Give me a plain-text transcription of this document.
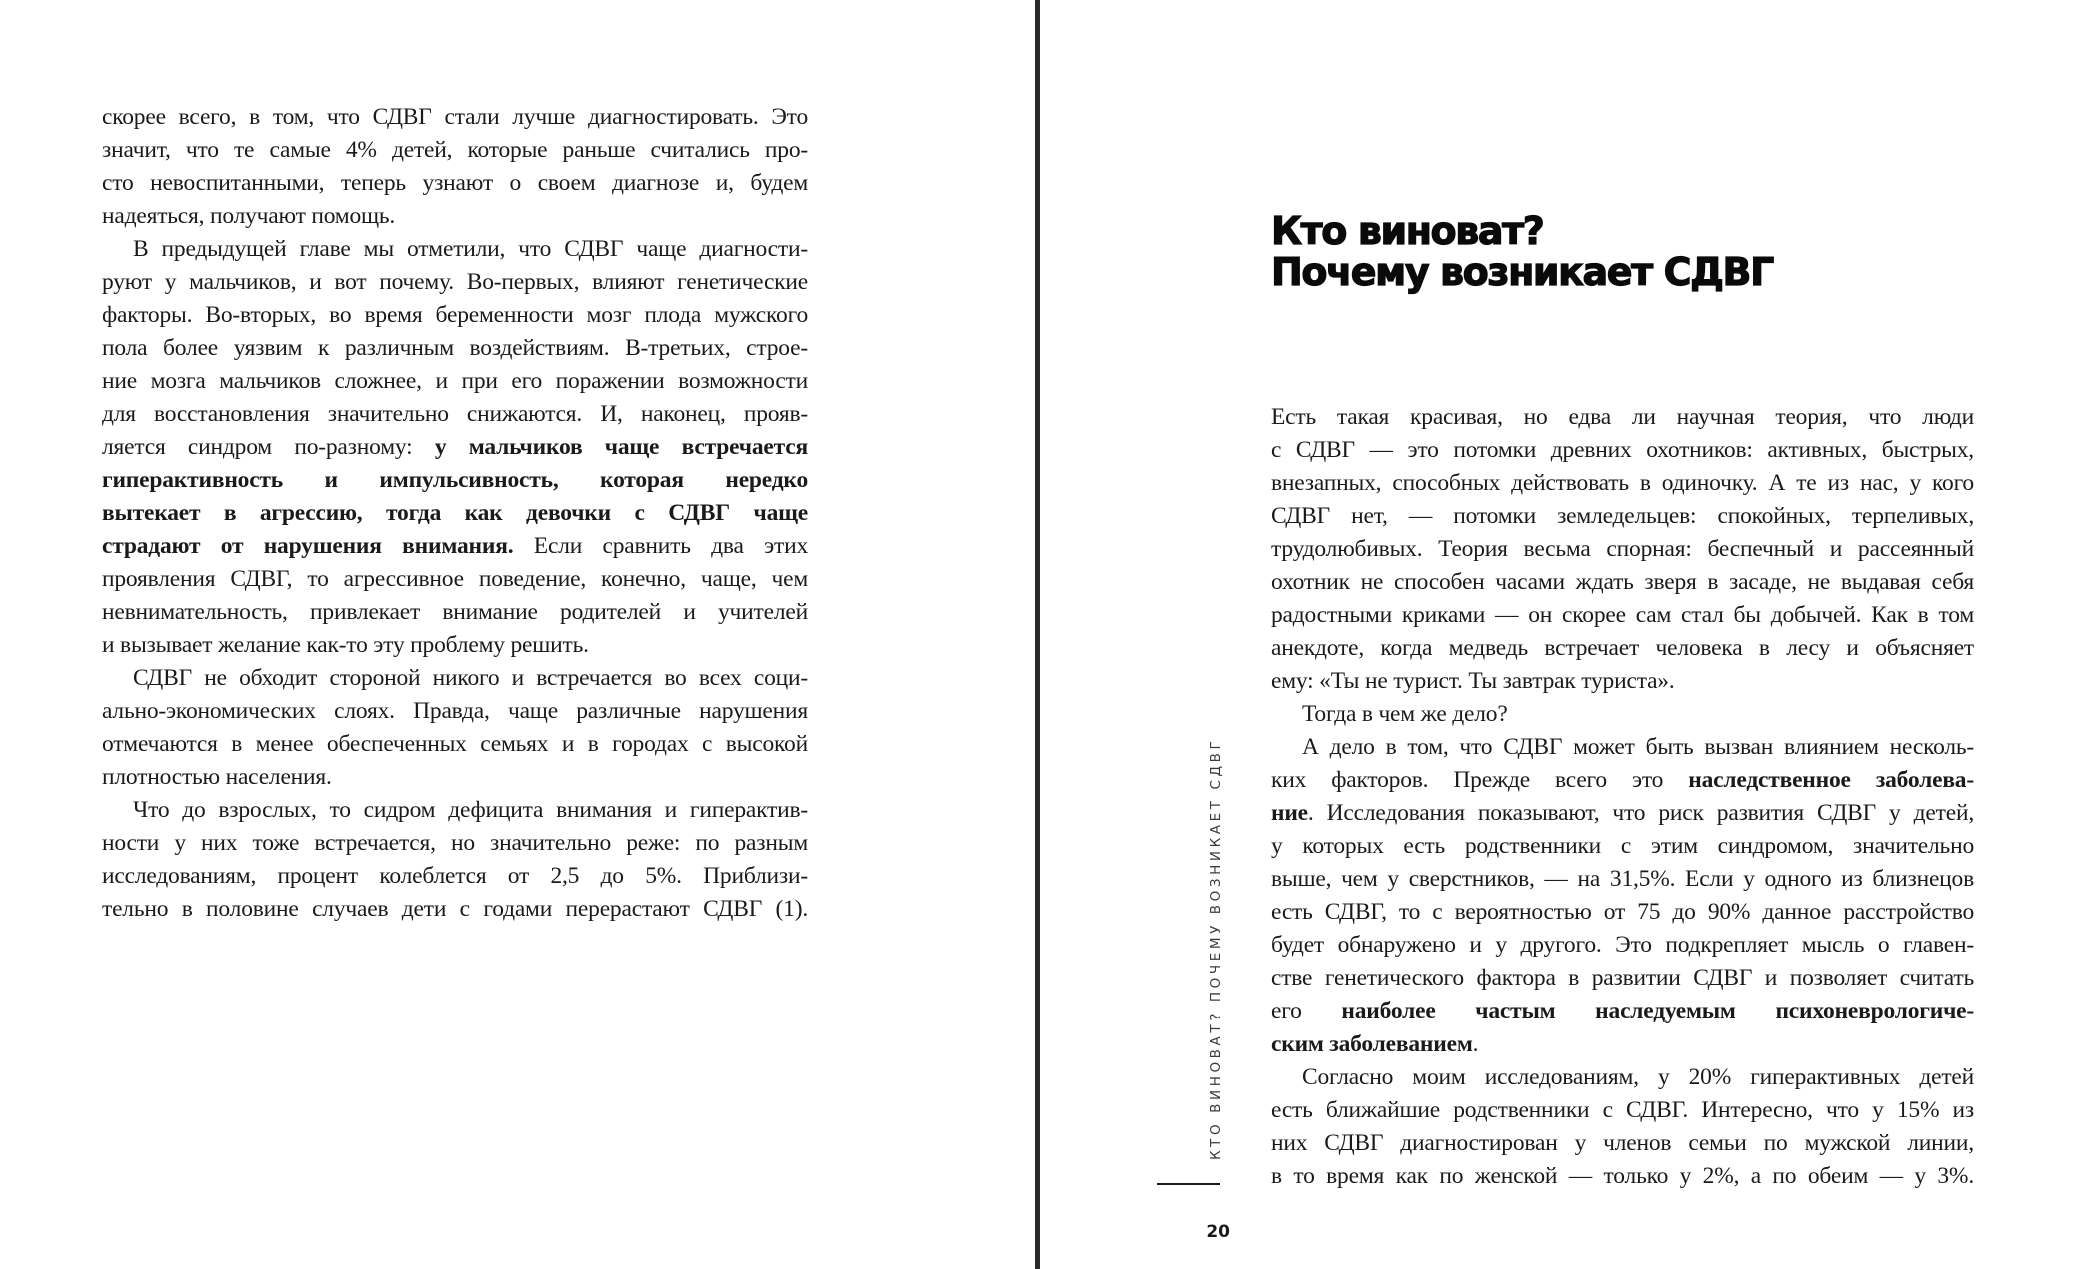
скорее всего, в том, что СДВГ стали лучше диагностировать. Это
значит, что те самые 4% детей, которые раньше считались про-
сто невоспитанными, теперь узнают о своем диагнозе и, будем
надеяться, получают помощь.
В предыдущей главе мы отметили, что СДВГ чаще диагности-
руют у мальчиков, и вот почему. Во-первых, влияют генетические
факторы. Во-вторых, во время беременности мозг плода мужского
пола более уязвим к различным воздействиям. В-третьих, строе-
ние мозга мальчиков сложнее, и при его поражении возможности
для восстановления значительно снижаются. И, наконец, прояв-
ляется синдром по-разному: у мальчиков чаще встречается
гиперактивность и импульсивность, которая нередко
вытекает в агрессию, тогда как девочки с СДВГ чаще
страдают от нарушения внимания. Если сравнить два этих
проявления СДВГ, то агрессивное поведение, конечно, чаще, чем
невнимательность, привлекает внимание родителей и учителей
и вызывает желание как-то эту проблему решить.
СДВГ не обходит стороной никого и встречается во всех соци-
ально-экономических слоях. Правда, чаще различные нарушения
отмечаются в менее обеспеченных семьях и в городах с высокой
плотностью населения.
Что до взрослых, то сидром дефицита внимания и гиперактив-
ности у них тоже встречается, но значительно реже: по разным
исследованиям, процент колеблется от 2,5 до 5%. Приблизи-
тельно в половине случаев дети с годами перерастают СДВГ (1).
Кто виноват?
Почему возникает СДВГ
Есть такая красивая, но едва ли научная теория, что люди
с СДВГ — это потомки древних охотников: активных, быстрых,
внезапных, способных действовать в одиночку. А те из нас, у кого
СДВГ нет, — потомки земледельцев: спокойных, терпеливых,
трудолюбивых. Теория весьма спорная: беспечный и рассеянный
охотник не способен часами ждать зверя в засаде, не выдавая себя
радостными криками — он скорее сам стал бы добычей. Как в том
анекдоте, когда медведь встречает человека в лесу и объясняет
ему: «Ты не турист. Ты завтрак туриста».
Тогда в чем же дело?
А дело в том, что СДВГ может быть вызван влиянием несколь-
ких факторов. Прежде всего это наследственное заболева-
ние. Исследования показывают, что риск развития СДВГ у детей,
у которых есть родственники с этим синдромом, значительно
выше, чем у сверстников, — на 31,5%. Если у одного из близнецов
есть СДВГ, то с вероятностью от 75 до 90% данное расстройство
будет обнаружено и у другого. Это подкрепляет мысль о главен-
стве генетического фактора в развитии СДВГ и позволяет считать
его наиболее частым наследуемым психоневрологиче-
ским заболеванием.
Согласно моим исследованиям, у 20% гиперактивных детей
есть ближайшие родственники с СДВГ. Интересно, что у 15% из
них СДВГ диагностирован у членов семьи по мужской линии,
в то время как по женской — только у 2%, а по обеим — у 3%.
КТО ВИНОВАТ? ПОЧЕМУ ВОЗНИКАЕТ СДВГ
20
